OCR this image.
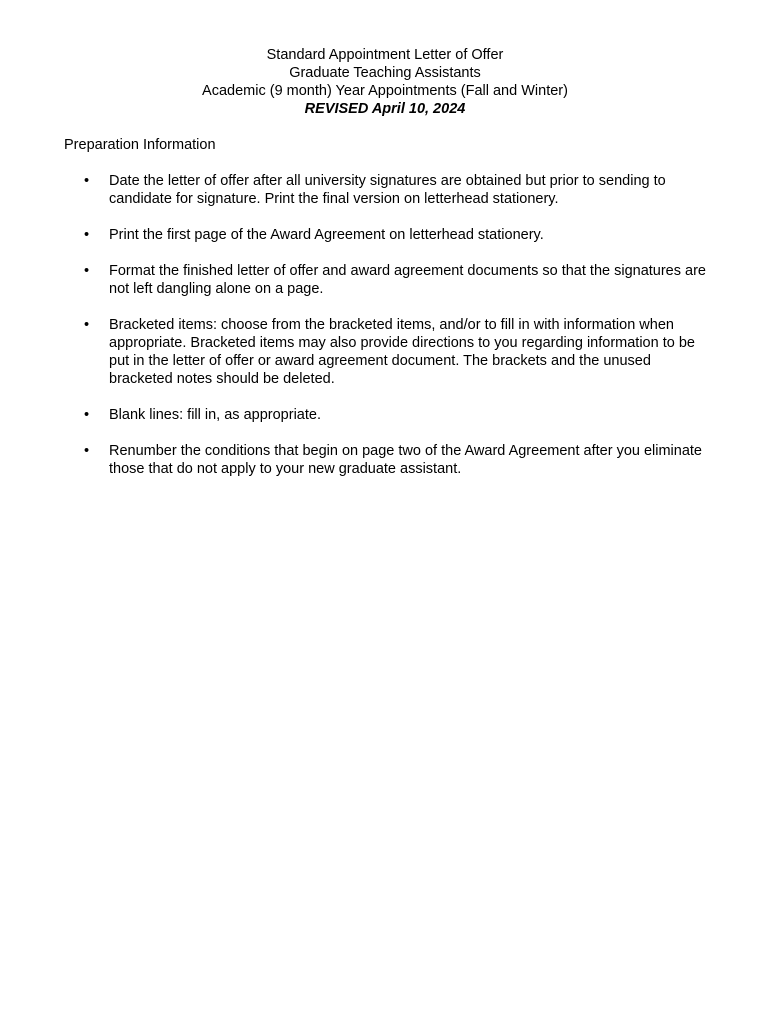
Standard Appointment Letter of Offer
Graduate Teaching Assistants
Academic (9 month) Year Appointments (Fall and Winter)
REVISED April 10, 2024
Preparation Information
•	Date the letter of offer after all university signatures are obtained but prior to sending to candidate for signature. Print the final version on letterhead stationery.
•	Print the first page of the Award Agreement on letterhead stationery.
•	Format the finished letter of offer and award agreement documents so that the signatures are not left dangling alone on a page.
•	Bracketed items: choose from the bracketed items, and/or to fill in with information when appropriate. Bracketed items may also provide directions to you regarding information to be put in the letter of offer or award agreement document. The brackets and the unused bracketed notes should be deleted.
•	Blank lines: fill in, as appropriate.
•	Renumber the conditions that begin on page two of the Award Agreement after you eliminate those that do not apply to your new graduate assistant.
